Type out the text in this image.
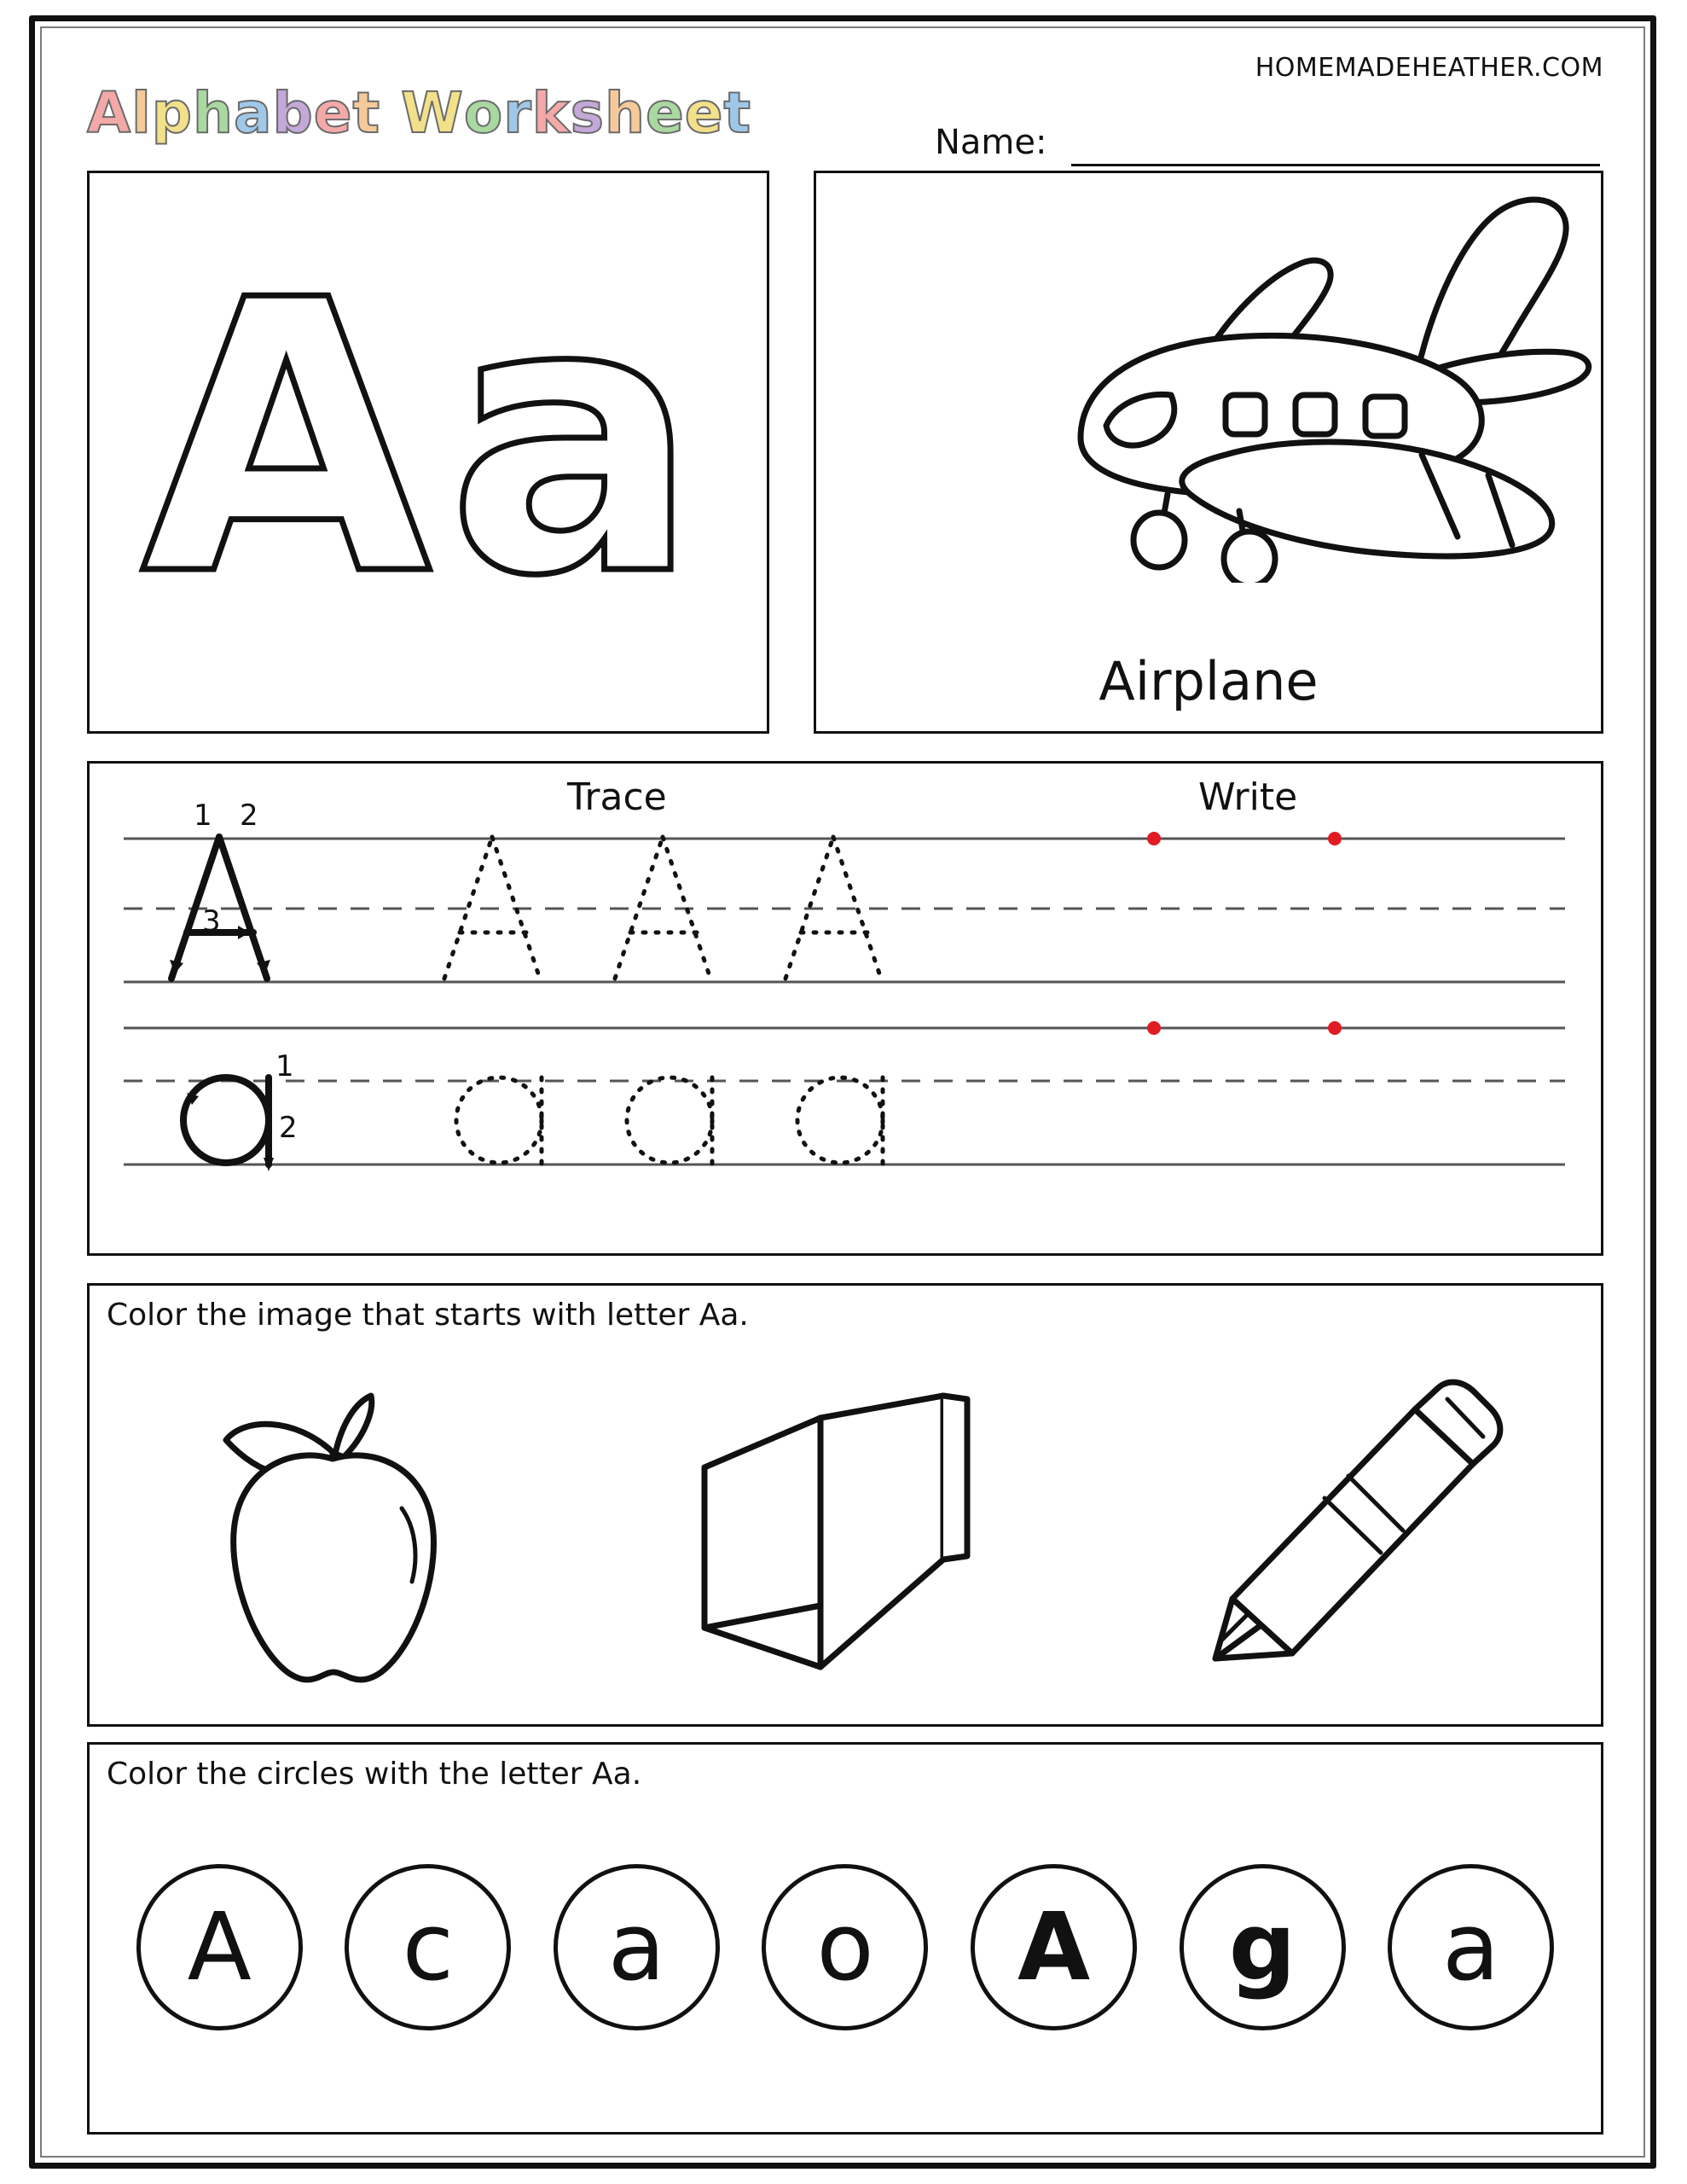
HOMEMADEHEATHER.COM
Alphabet Worksheet	Name:
Aa
Airplane
Trace	Write
1 2
3
1
2
Color the image that starts with letter Aa.
Color the circles with the letter Aa.
A	c	a	o	A	g	a
